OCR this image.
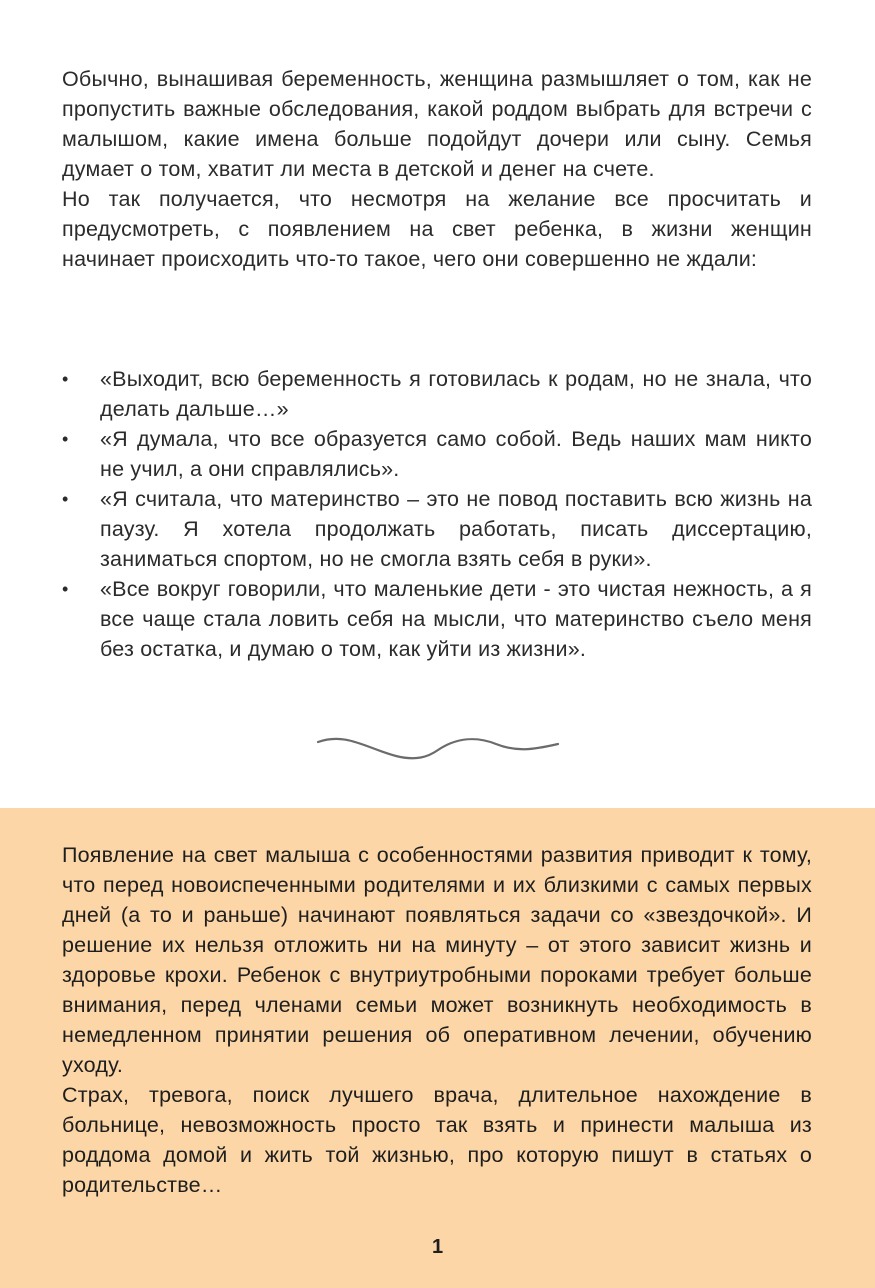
Обычно, вынашивая беременность, женщина размышляет о том, как не пропустить важные обследования, какой роддом выбрать для встречи с малышом, какие имена больше подойдут дочери или сыну. Семья думает о том, хватит ли места в детской и денег на счете.

Но так получается, что несмотря на желание все просчитать и предусмотреть, с появлением на свет ребенка, в жизни женщин начинает происходить что-то такое, чего они совершенно не ждали:

•	«Выходит, всю беременность я готовилась к родам, но не знала, что делать дальше…»
•	«Я думала, что все образуется само собой. Ведь наших мам никто не учил, а они справлялись».
•	«Я считала, что материнство – это не повод поставить всю жизнь на паузу. Я хотела продолжать работать, писать диссертацию, заниматься спортом, но не смогла взять себя в руки».
•	«Все вокруг говорили, что маленькие дети - это чистая нежность, а я все чаще стала ловить себя на мысли, что материнство съело меня без остатка, и думаю о том, как уйти из жизни».

Появление на свет малыша с особенностями развития приводит к тому, что перед новоиспеченными родителями и их близкими с самых первых дней (а то и раньше) начинают появляться задачи со «звездочкой». И решение их нельзя отложить ни на минуту – от этого зависит жизнь и здоровье крохи. Ребенок с внутриутробными пороками требует больше внимания, перед членами семьи может возникнуть необходимость в немедленном принятии решения об оперативном лечении, обучению уходу.

Страх, тревога, поиск лучшего врача, длительное нахождение в больнице, невозможность просто так взять и принести малыша из роддома домой и жить той жизнью, про которую пишут в статьях о родительстве…

1
